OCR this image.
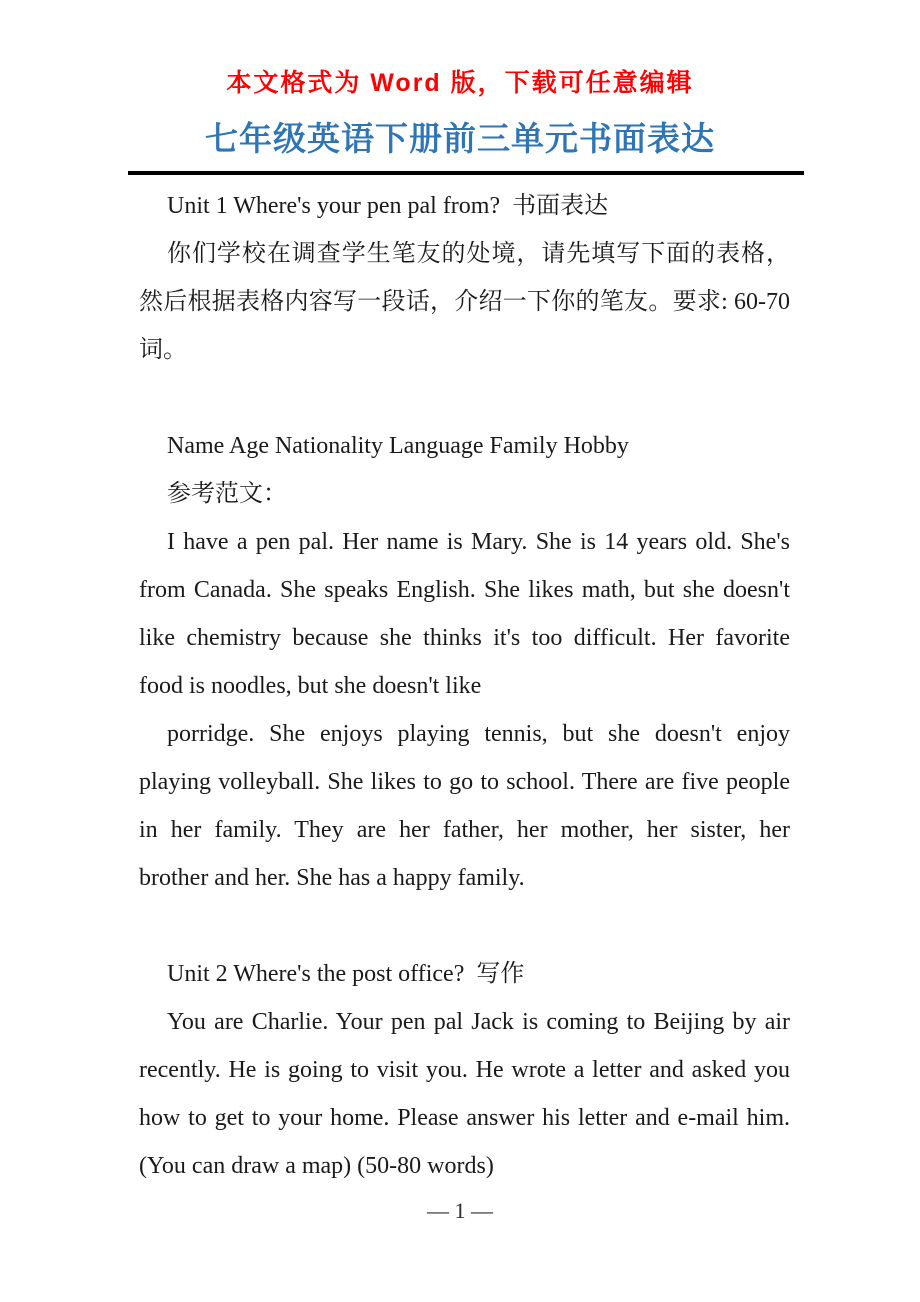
本文格式为 Word 版，下载可任意编辑
七年级英语下册前三单元书面表达
Unit 1 Where's your pen pal from?  书面表达
你们学校在调查学生笔友的处境，请先填写下面的表格，
然后根据表格内容写一段话，介绍一下你的笔友。要求: 60-70
词。
Name Age Nationality Language Family Hobby
参考范文：
I have a pen pal. Her name is Mary. She is 14 years old. She's
from Canada. She speaks English. She likes math, but she doesn't
like chemistry because she thinks it's too difficult. Her favorite
food is noodles, but she doesn't like
porridge. She enjoys playing tennis, but she doesn't enjoy
playing volleyball. She likes to go to school. There are five people
in her family. They are her father, her mother, her sister, her
brother and her. She has a happy family.
Unit 2 Where's the post office?  写作
You are Charlie. Your pen pal Jack is coming to Beijing by air
recently. He is going to visit you. He wrote a letter and asked you
how to get to your home. Please answer his letter and e-mail him.
(You can draw a map) (50-80 words)
— 1 —
